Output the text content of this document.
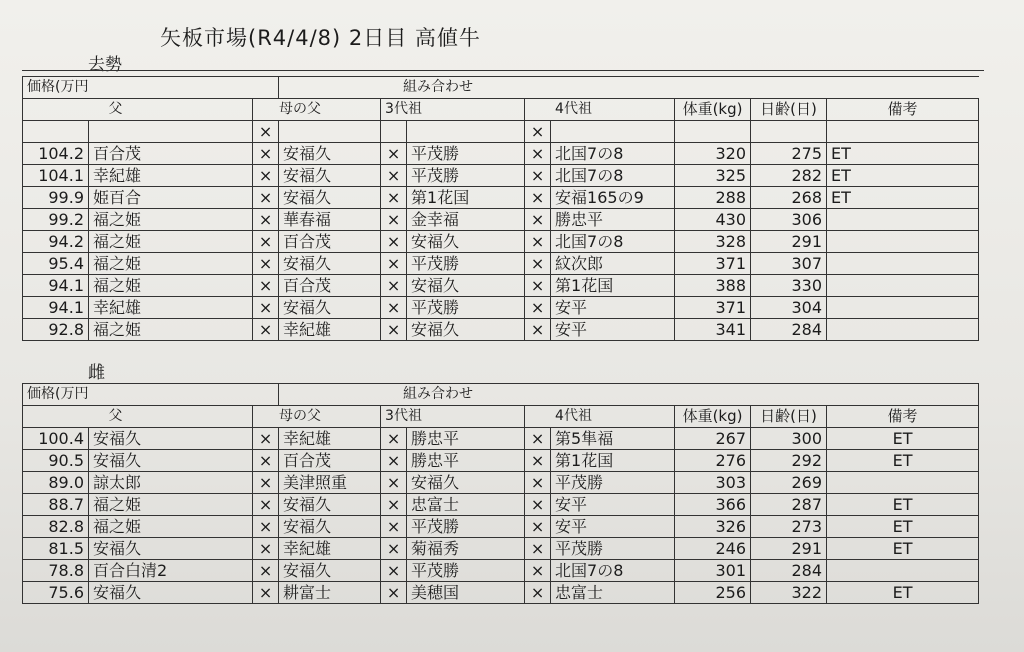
矢板市場(R4/4/8) 2日目 高値牛
去勢
価格(万円			組み合わせ							
	父	母の父		3代祖		4代祖		体重(kg)	日齢(日)	備考
		×				×				
104.2	百合茂	×	安福久	×	平茂勝	×	北国7の8	320	275	ET
104.1	幸紀雄	×	安福久	×	平茂勝	×	北国7の8	325	282	ET
99.9	姫百合	×	安福久	×	第1花国	×	安福165の9	288	268	ET
99.2	福之姫	×	華春福	×	金幸福	×	勝忠平	430	306	
94.2	福之姫	×	百合茂	×	安福久	×	北国7の8	328	291	
95.4	福之姫	×	安福久	×	平茂勝	×	紋次郎	371	307	
94.1	福之姫	×	百合茂	×	安福久	×	第1花国	388	330	
94.1	幸紀雄	×	安福久	×	平茂勝	×	安平	371	304	
92.8	福之姫	×	幸紀雄	×	安福久	×	安平	341	284	
雌
価格(万円			組み合わせ							
	父	母の父		3代祖		4代祖		体重(kg)	日齢(日)	備考
100.4	安福久	×	幸紀雄	×	勝忠平	×	第5隼福	267	300	ET
90.5	安福久	×	百合茂	×	勝忠平	×	第1花国	276	292	ET
89.0	諒太郎	×	美津照重	×	安福久	×	平茂勝	303	269	
88.7	福之姫	×	安福久	×	忠富士	×	安平	366	287	ET
82.8	福之姫	×	安福久	×	平茂勝	×	安平	326	273	ET
81.5	安福久	×	幸紀雄	×	菊福秀	×	平茂勝	246	291	ET
78.8	百合白清2	×	安福久	×	平茂勝	×	北国7の8	301	284	
75.6	安福久	×	耕富士	×	美穂国	×	忠富士	256	322	ET
